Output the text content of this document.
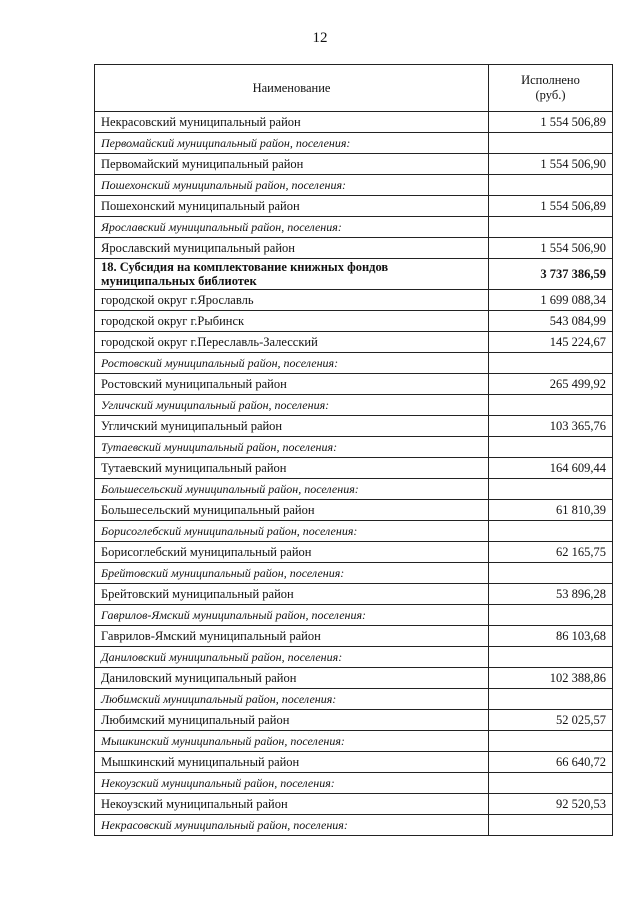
12
Наименование	Исполнено
(руб.)
Некрасовский муниципальный район	1 554 506,89
Первомайский муниципальный район, поселения:	
Первомайский муниципальный район	1 554 506,90
Пошехонский муниципальный район, поселения:	
Пошехонский муниципальный район	1 554 506,89
Ярославский муниципальный район, поселения:	
Ярославский муниципальный район	1 554 506,90
18. Субсидия на комплектование книжных фондов муниципальных библиотек	3 737 386,59
городской округ г.Ярославль	1 699 088,34
городской округ г.Рыбинск	543 084,99
городской округ г.Переславль-Залесский	145 224,67
Ростовский муниципальный район, поселения:	
Ростовский муниципальный район	265 499,92
Угличский муниципальный район, поселения:	
Угличский муниципальный район	103 365,76
Тутаевский муниципальный район, поселения:	
Тутаевский муниципальный район	164 609,44
Большесельский муниципальный район, поселения:	
Большесельский муниципальный район	61 810,39
Борисоглебский муниципальный район, поселения:	
Борисоглебский муниципальный район	62 165,75
Брейтовский муниципальный район, поселения:	
Брейтовский муниципальный район	53 896,28
Гаврилов-Ямский муниципальный район, поселения:	
Гаврилов-Ямский муниципальный район	86 103,68
Даниловский муниципальный район, поселения:	
Даниловский муниципальный район	102 388,86
Любимский муниципальный район, поселения:	
Любимский муниципальный район	52 025,57
Мышкинский муниципальный район, поселения:	
Мышкинский муниципальный район	66 640,72
Некоузский муниципальный район, поселения:	
Некоузский муниципальный район	92 520,53
Некрасовский муниципальный район, поселения:	
